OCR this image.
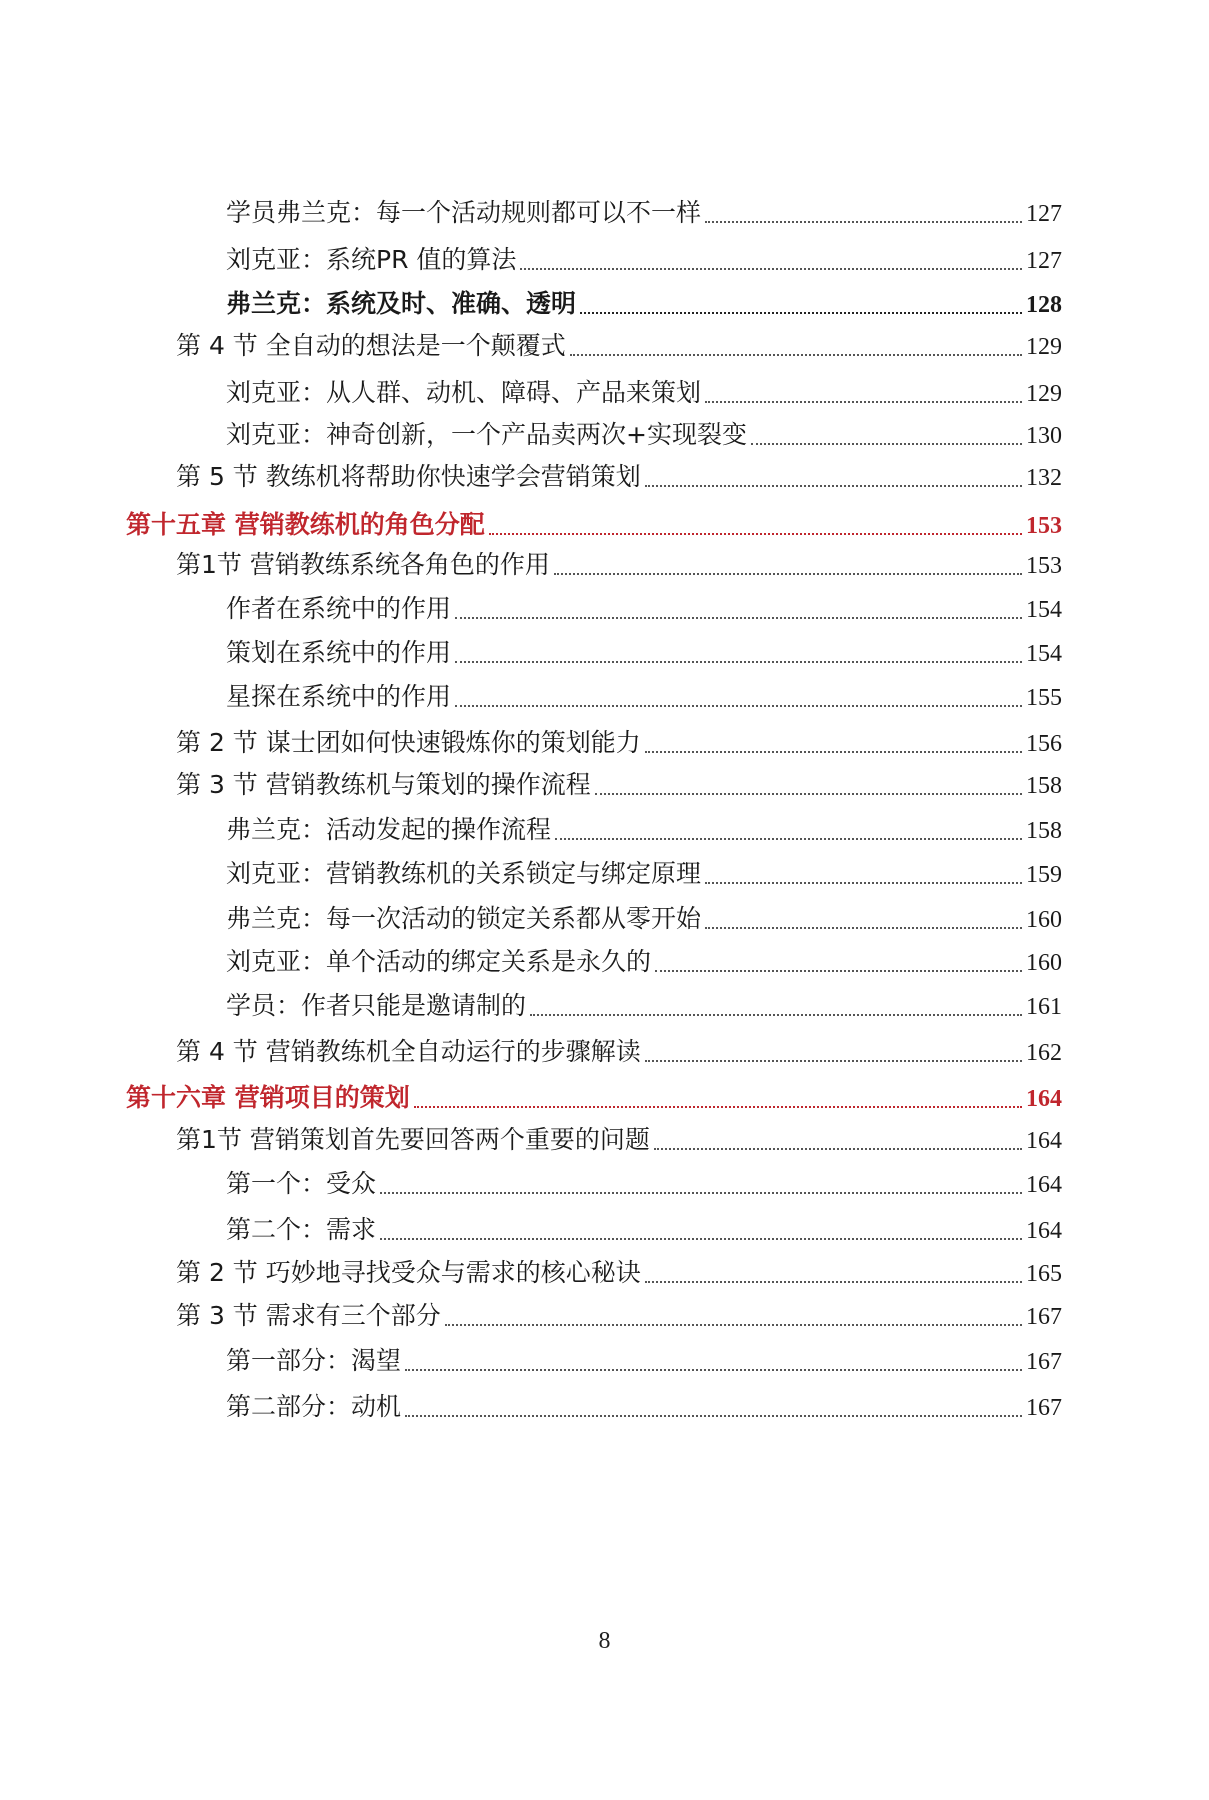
学员弗兰克：每一个活动规则都可以不一样	127
刘克亚：系统PR 值的算法	127
弗兰克：系统及时、准确、透明	128
第 4 节 全自动的想法是一个颠覆式	129
刘克亚：从人群、动机、障碍、产品来策划	129
刘克亚：神奇创新，一个产品卖两次+实现裂变	130
第 5 节 教练机将帮助你快速学会营销策划	132
第十五章 营销教练机的角色分配	153
第1节 营销教练系统各角色的作用	153
作者在系统中的作用	154
策划在系统中的作用	154
星探在系统中的作用	155
第 2 节 谋士团如何快速锻炼你的策划能力	156
第 3 节 营销教练机与策划的操作流程	158
弗兰克：活动发起的操作流程	158
刘克亚：营销教练机的关系锁定与绑定原理	159
弗兰克：每一次活动的锁定关系都从零开始	160
刘克亚：单个活动的绑定关系是永久的	160
学员：作者只能是邀请制的	161
第 4 节 营销教练机全自动运行的步骤解读	162
第十六章 营销项目的策划	164
第1节 营销策划首先要回答两个重要的问题	164
第一个：受众	164
第二个：需求	164
第 2 节 巧妙地寻找受众与需求的核心秘诀	165
第 3 节 需求有三个部分	167
第一部分：渴望	167
第二部分：动机	167
8
